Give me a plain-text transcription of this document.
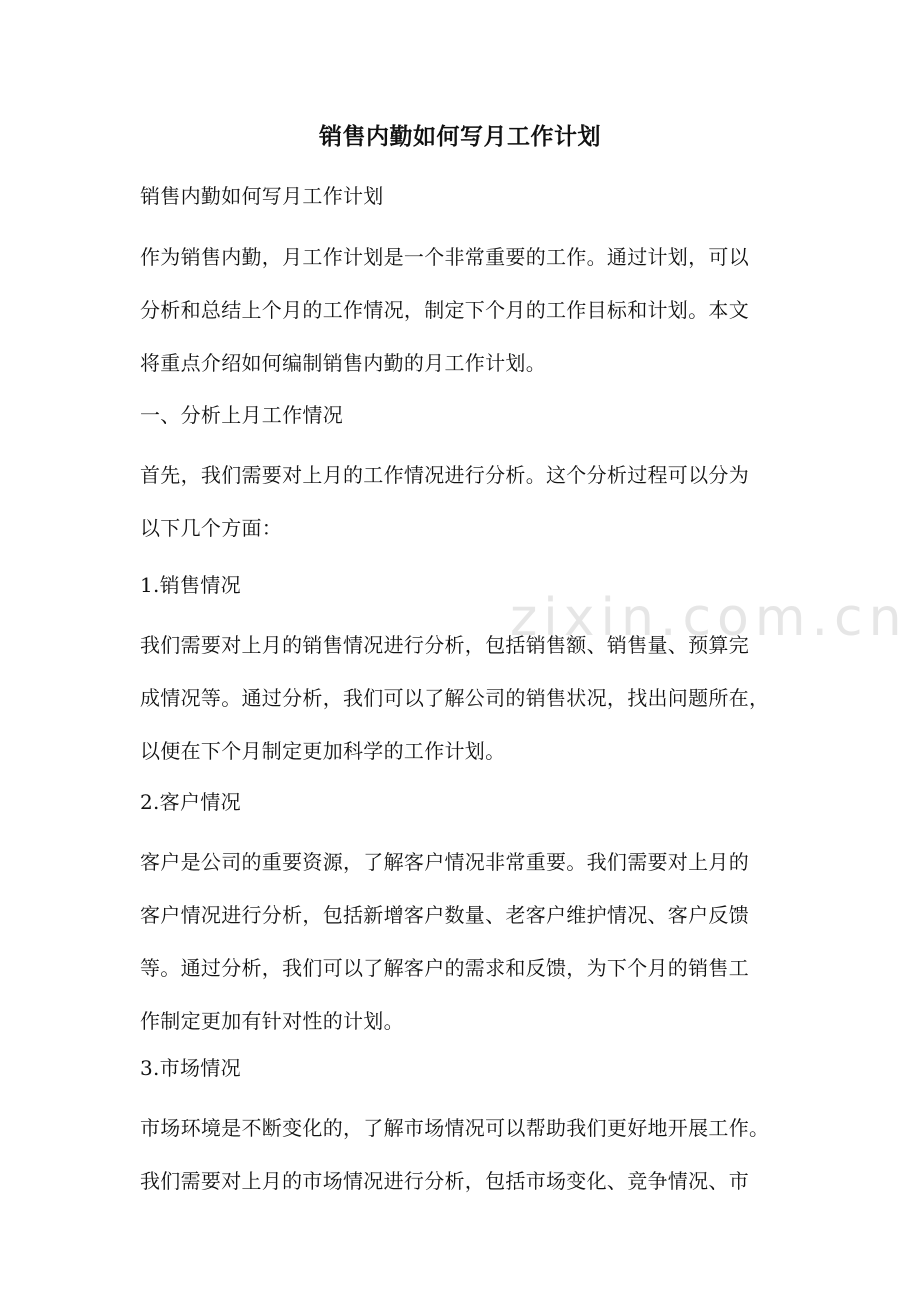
zixin.com.cn
销售内勤如何写月工作计划
销售内勤如何写月工作计划
作为销售内勤，月工作计划是一个非常重要的工作。通过计划，可以
分析和总结上个月的工作情况，制定下个月的工作目标和计划。本文
将重点介绍如何编制销售内勤的月工作计划。
一、分析上月工作情况
首先，我们需要对上月的工作情况进行分析。这个分析过程可以分为
以下几个方面：
1.销售情况
我们需要对上月的销售情况进行分析，包括销售额、销售量、预算完
成情况等。通过分析，我们可以了解公司的销售状况，找出问题所在，
以便在下个月制定更加科学的工作计划。
2.客户情况
客户是公司的重要资源，了解客户情况非常重要。我们需要对上月的
客户情况进行分析，包括新增客户数量、老客户维护情况、客户反馈
等。通过分析，我们可以了解客户的需求和反馈，为下个月的销售工
作制定更加有针对性的计划。
3.市场情况
市场环境是不断变化的，了解市场情况可以帮助我们更好地开展工作。
我们需要对上月的市场情况进行分析，包括市场变化、竞争情况、市
